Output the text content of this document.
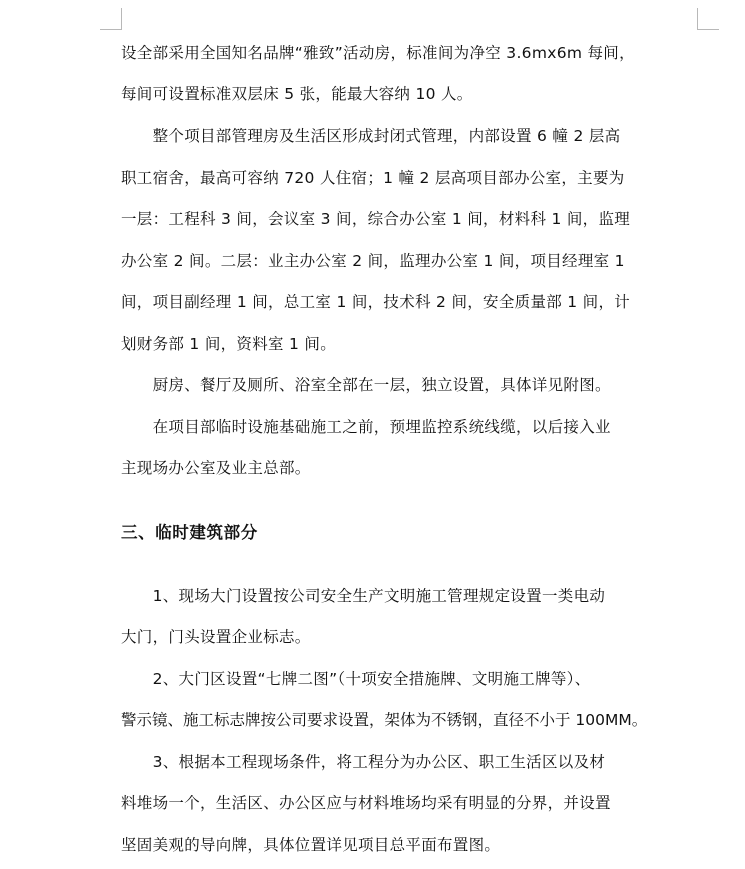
设全部采用全国知名品牌“雅致”活动房，标准间为净空 3.6mx6m 每间，
每间可设置标准双层床 5 张，能最大容纳 10 人。
　　整个项目部管理房及生活区形成封闭式管理，内部设置 6 幢 2 层高
职工宿舍，最高可容纳 720 人住宿；1 幢 2 层高项目部办公室，主要为
一层：工程科 3 间，会议室 3 间，综合办公室 1 间，材料科 1 间，监理
办公室 2 间。二层：业主办公室 2 间，监理办公室 1 间，项目经理室 1
间，项目副经理 1 间，总工室 1 间，技术科 2 间，安全质量部 1 间，计
划财务部 1 间，资料室 1 间。
　　厨房、餐厅及厕所、浴室全部在一层，独立设置，具体详见附图。
　　在项目部临时设施基础施工之前，预埋监控系统线缆，以后接入业
主现场办公室及业主总部。
三、临时建筑部分
　　1、现场大门设置按公司安全生产文明施工管理规定设置一类电动
大门，门头设置企业标志。
　　2、大门区设置“七牌二图”（十项安全措施牌、文明施工牌等）、
警示镜、施工标志牌按公司要求设置，架体为不锈钢，直径不小于 100MM。
　　3、根据本工程现场条件，将工程分为办公区、职工生活区以及材
料堆场一个，生活区、办公区应与材料堆场均采有明显的分界，并设置
坚固美观的导向牌，具体位置详见项目总平面布置图。
